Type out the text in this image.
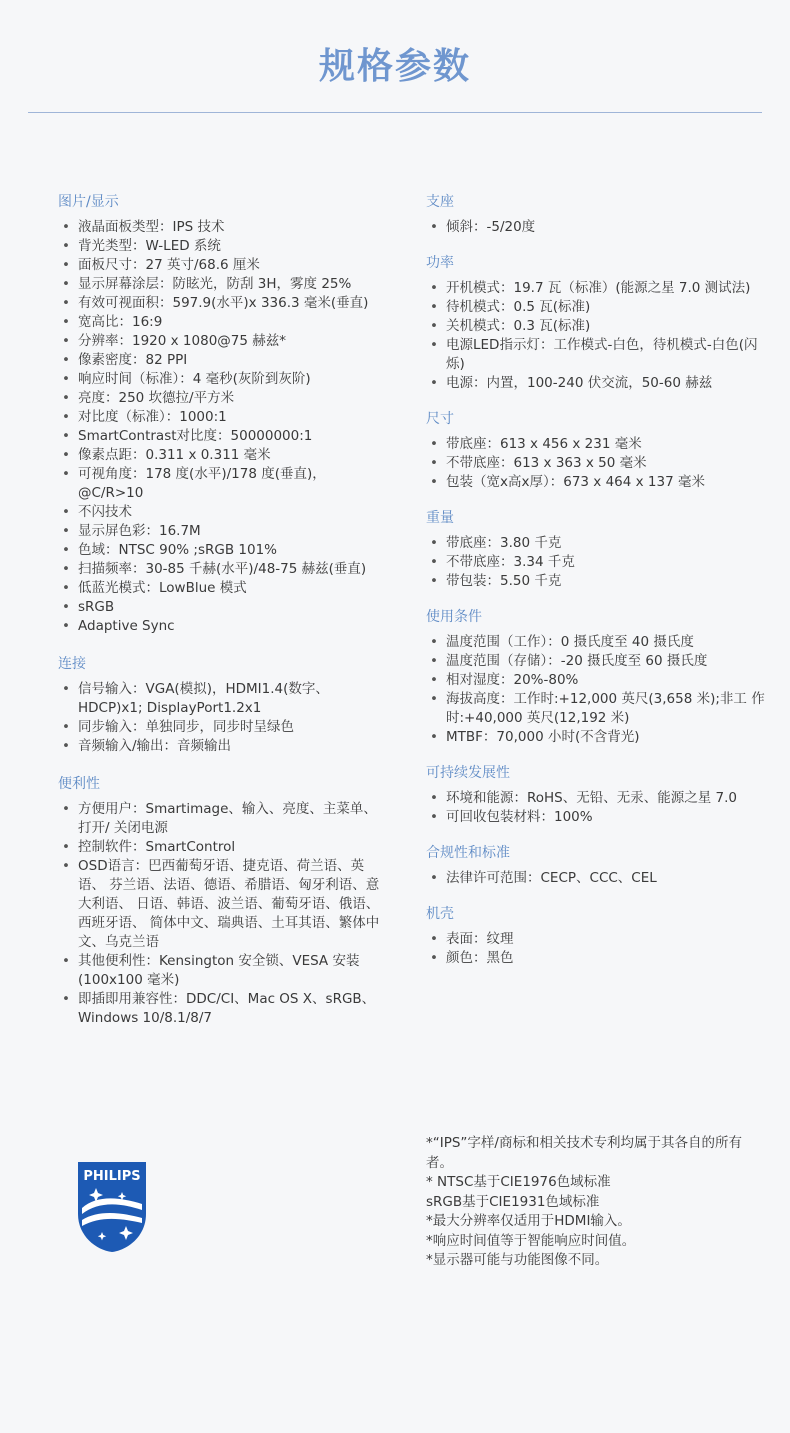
规格参数
图片/显示
• 液晶面板类型：IPS 技术
• 背光类型：W-LED 系统
• 面板尺寸：27 英寸/68.6 厘米
• 显示屏幕涂层：防眩光，防刮 3H，雾度 25%
• 有效可视面积：597.9(水平)x 336.3 毫米(垂直)
• 宽高比：16:9
• 分辨率：1920 x 1080@75 赫兹*
• 像素密度：82 PPI
• 响应时间（标准）：4 毫秒(灰阶到灰阶)
• 亮度：250 坎德拉/平方米
• 对比度（标准）：1000:1
• SmartContrast对比度：50000000:1
• 像素点距：0.311 x 0.311 毫米
• 可视角度：178 度(水平)/178 度(垂直)，@C/R>10
• 不闪技术
• 显示屏色彩：16.7M
• 色域：NTSC 90% ;sRGB 101%
• 扫描频率：30-85 千赫(水平)/48-75 赫兹(垂直)
• 低蓝光模式：LowBlue 模式
• sRGB
• Adaptive Sync
连接
• 信号输入：VGA(模拟)，HDMI1.4(数字、HDCP)x1; DisplayPort1.2x1
• 同步输入：单独同步，同步时呈绿色
• 音频输入/输出：音频输出
便利性
• 方便用户：Smartimage、输入、亮度、主菜单、打开/ 关闭电源
• 控制软件：SmartControl
• OSD语言：巴西葡萄牙语、捷克语、荷兰语、英语、 芬兰语、法语、德语、希腊语、匈牙利语、意大利语、 日语、韩语、波兰语、葡萄牙语、俄语、西班牙语、 简体中文、瑞典语、土耳其语、繁体中文、乌克兰语
• 其他便利性：Kensington 安全锁、VESA 安装(100x100 毫米)
• 即插即用兼容性：DDC/CI、Mac OS X、sRGB、Windows 10/8.1/8/7
支座
• 倾斜：-5/20度
功率
• 开机模式：19.7 瓦（标准）(能源之星 7.0 测试法)
• 待机模式：0.5 瓦(标准)
• 关机模式：0.3 瓦(标准)
• 电源LED指示灯：工作模式-白色，待机模式-白色(闪 烁)
• 电源：内置，100-240 伏交流，50-60 赫兹
尺寸
• 带底座：613 x 456 x 231 毫米
• 不带底座：613 x 363 x 50 毫米
• 包装（宽x高x厚）：673 x 464 x 137 毫米
重量
• 带底座：3.80 千克
• 不带底座：3.34 千克
• 带包装：5.50 千克
使用条件
• 温度范围（工作）：0 摄氏度至 40 摄氏度
• 温度范围（存储）：-20 摄氏度至 60 摄氏度
• 相对湿度：20%-80%
• 海拔高度：工作时:+12,000 英尺(3,658 米);非工 作时:+40,000 英尺(12,192 米)
• MTBF：70,000 小时(不含背光)
可持续发展性
• 环境和能源：RoHS、无铅、无汞、能源之星 7.0
• 可回收包装材料：100%
合规性和标准
• 法律许可范围：CECP、CCC、CEL
机壳
• 表面：纹理
• 颜色：黑色
*“IPS”字样/商标和相关技术专利均属于其各自的所有者。
* NTSC基于CIE1976色域标准
sRGB基于CIE1931色域标准
*最大分辨率仅适用于HDMI输入。
*响应时间值等于智能响应时间值。
*显示器可能与功能图像不同。
PHILIPS
